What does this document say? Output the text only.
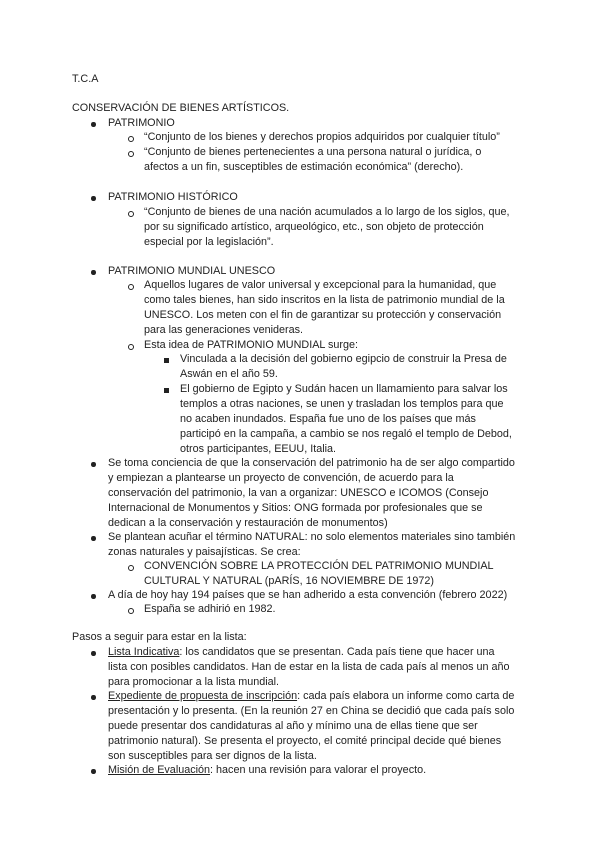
T.C.A
CONSERVACIÓN DE BIENES ARTÍSTICOS.
PATRIMONIO
“Conjunto de los bienes y derechos propios adquiridos por cualquier título”
“Conjunto de bienes pertenecientes a una persona natural o jurídica, o
afectos a un fin, susceptibles de estimación económica” (derecho).
PATRIMONIO HISTÓRICO
“Conjunto de bienes de una nación acumulados a lo largo de los siglos, que,
por su significado artístico, arqueológico, etc., son objeto de protección
especial por la legislación”.
PATRIMONIO MUNDIAL UNESCO
Aquellos lugares de valor universal y excepcional para la humanidad, que
como tales bienes, han sido inscritos en la lista de patrimonio mundial de la
UNESCO. Los meten con el fin de garantizar su protección y conservación
para las generaciones venideras.
Esta idea de PATRIMONIO MUNDIAL surge:
Vinculada a la decisión del gobierno egipcio de construir la Presa de
Aswán en el año 59.
El gobierno de Egipto y Sudán hacen un llamamiento para salvar los
templos a otras naciones, se unen y trasladan los templos para que
no acaben inundados. España fue uno de los países que más
participó en la campaña, a cambio se nos regaló el templo de Debod,
otros participantes, EEUU, Italia.
Se toma conciencia de que la conservación del patrimonio ha de ser algo compartido
y empiezan a plantearse un proyecto de convención, de acuerdo para la
conservación del patrimonio, la van a organizar: UNESCO e ICOMOS (Consejo
Internacional de Monumentos y Sitios: ONG formada por profesionales que se
dedican a la conservación y restauración de monumentos)
Se plantean acuñar el término NATURAL: no solo elementos materiales sino también
zonas naturales y paisajísticas. Se crea:
CONVENCIÓN SOBRE LA PROTECCIÓN DEL PATRIMONIO MUNDIAL
CULTURAL Y NATURAL (pARÍS, 16 NOVIEMBRE DE 1972)
A día de hoy hay 194 países que se han adherido a esta convención (febrero 2022)
España se adhirió en 1982.
Pasos a seguir para estar en la lista:
Lista Indicativa: los candidatos que se presentan. Cada país tiene que hacer una
lista con posibles candidatos. Han de estar en la lista de cada país al menos un año
para promocionar a la lista mundial.
Expediente de propuesta de inscripción: cada país elabora un informe como carta de
presentación y lo presenta. (En la reunión 27 en China se decidió que cada país solo
puede presentar dos candidaturas al año y mínimo una de ellas tiene que ser
patrimonio natural). Se presenta el proyecto, el comité principal decide qué bienes
son susceptibles para ser dignos de la lista.
Misión de Evaluación: hacen una revisión para valorar el proyecto.
